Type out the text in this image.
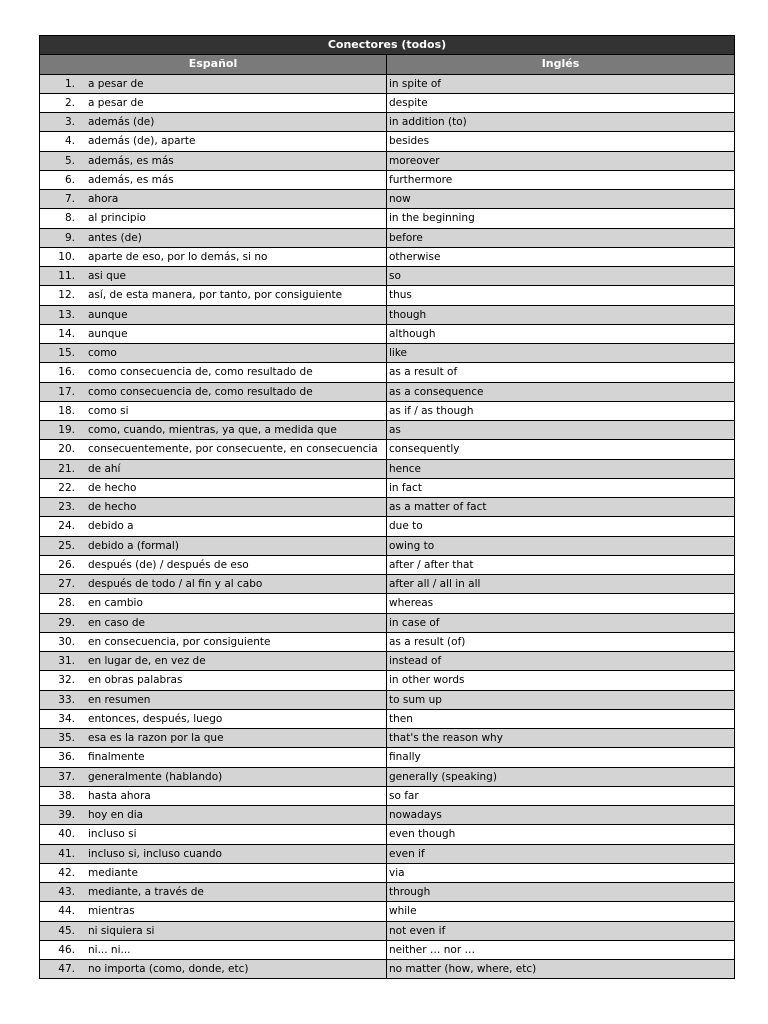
Conectores (todos)	
Español	Inglés
1. a pesar de	in spite of
2. a pesar de	despite
3. además (de)	in addition (to)
4. además (de), aparte	besides
5. además, es más	moreover
6. además, es más	furthermore
7. ahora	now
8. al principio	in the beginning
9. antes (de)	before
10. aparte de eso, por lo demás, si no	otherwise
11. asi que	so
12. así, de esta manera, por tanto, por consiguiente	thus
13. aunque	though
14. aunque	although
15. como	like
16. como consecuencia de, como resultado de	as a result of
17. como consecuencia de, como resultado de	as a consequence
18. como si	as if / as though
19. como, cuando, mientras, ya que, a medida que	as
20. consecuentemente, por consecuente, en consecuencia	consequently
21. de ahí	hence
22. de hecho	in fact
23. de hecho	as a matter of fact
24. debido a	due to
25. debido a (formal)	owing to
26. después (de) / después de eso	after / after that
27. después de todo / al fin y al cabo	after all / all in all
28. en cambio	whereas
29. en caso de	in case of
30. en consecuencia, por consiguiente	as a result (of)
31. en lugar de, en vez de	instead of
32. en obras palabras	in other words
33. en resumen	to sum up
34. entonces, después, luego	then
35. esa es la razon por la que	that's the reason why
36. finalmente	finally
37. generalmente (hablando)	generally (speaking)
38. hasta ahora	so far
39. hoy en dia	nowadays
40. incluso si	even though
41. incluso si, incluso cuando	even if
42. mediante	via
43. mediante, a través de	through
44. mientras	while
45. ni siquiera si	not even if
46. ni... ni...	neither … nor …
47. no importa (como, donde, etc)	no matter (how, where, etc)
